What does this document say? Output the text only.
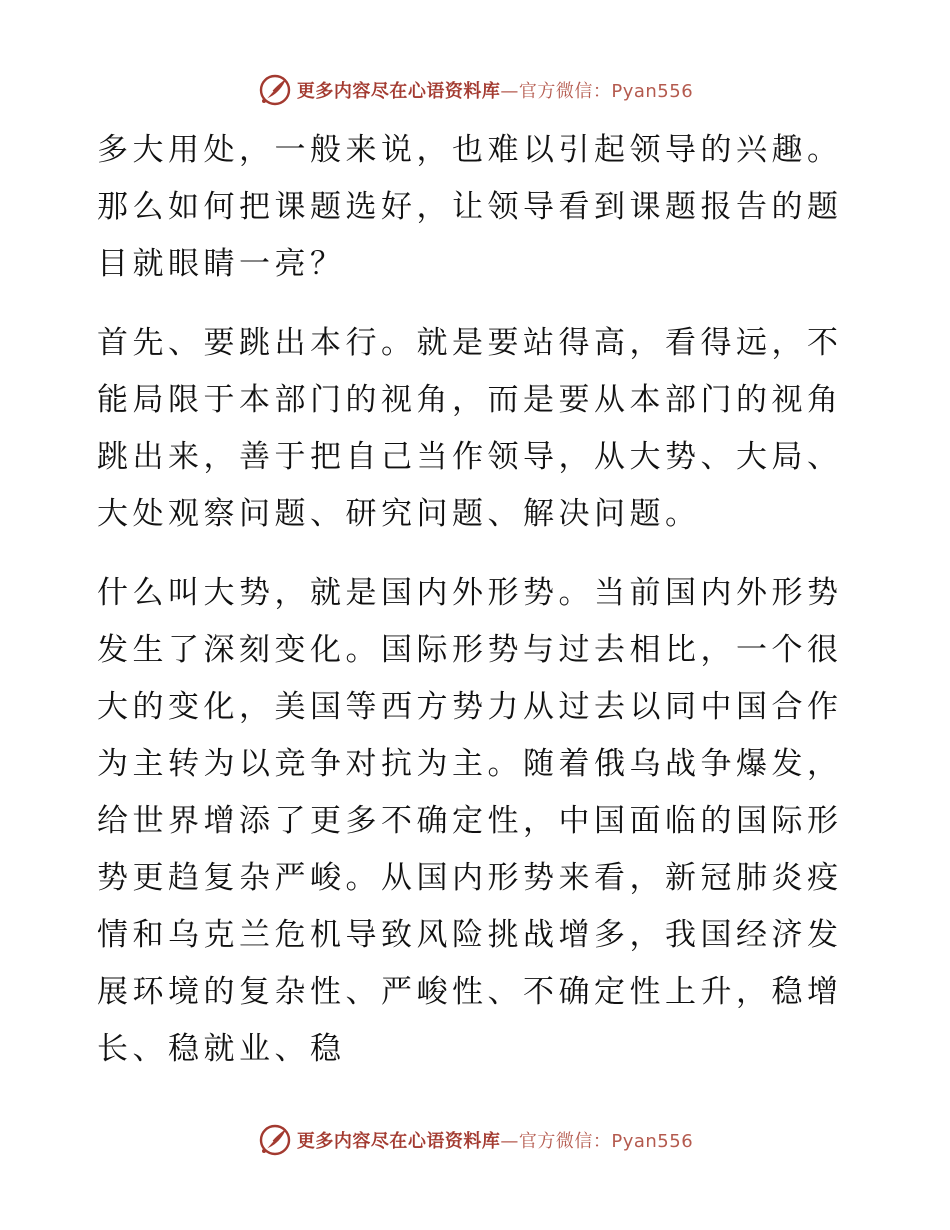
更多内容尽在心语资料库—官方微信：Pyan556

多大用处，一般来说，也难以引起领导的兴趣。那么如何把课题选好，让领导看到课题报告的题目就眼睛一亮？

首先、要跳出本行。就是要站得高，看得远，不能局限于本部门的视角，而是要从本部门的视角跳出来，善于把自己当作领导，从大势、大局、大处观察问题、研究问题、解决问题。

什么叫大势，就是国内外形势。当前国内外形势发生了深刻变化。国际形势与过去相比，一个很大的变化，美国等西方势力从过去以同中国合作为主转为以竞争对抗为主。随着俄乌战争爆发，给世界增添了更多不确定性，中国面临的国际形势更趋复杂严峻。从国内形势来看，新冠肺炎疫情和乌克兰危机导致风险挑战增多，我国经济发展环境的复杂性、严峻性、不确定性上升，稳增长、稳就业、稳

更多内容尽在心语资料库—官方微信：Pyan556
